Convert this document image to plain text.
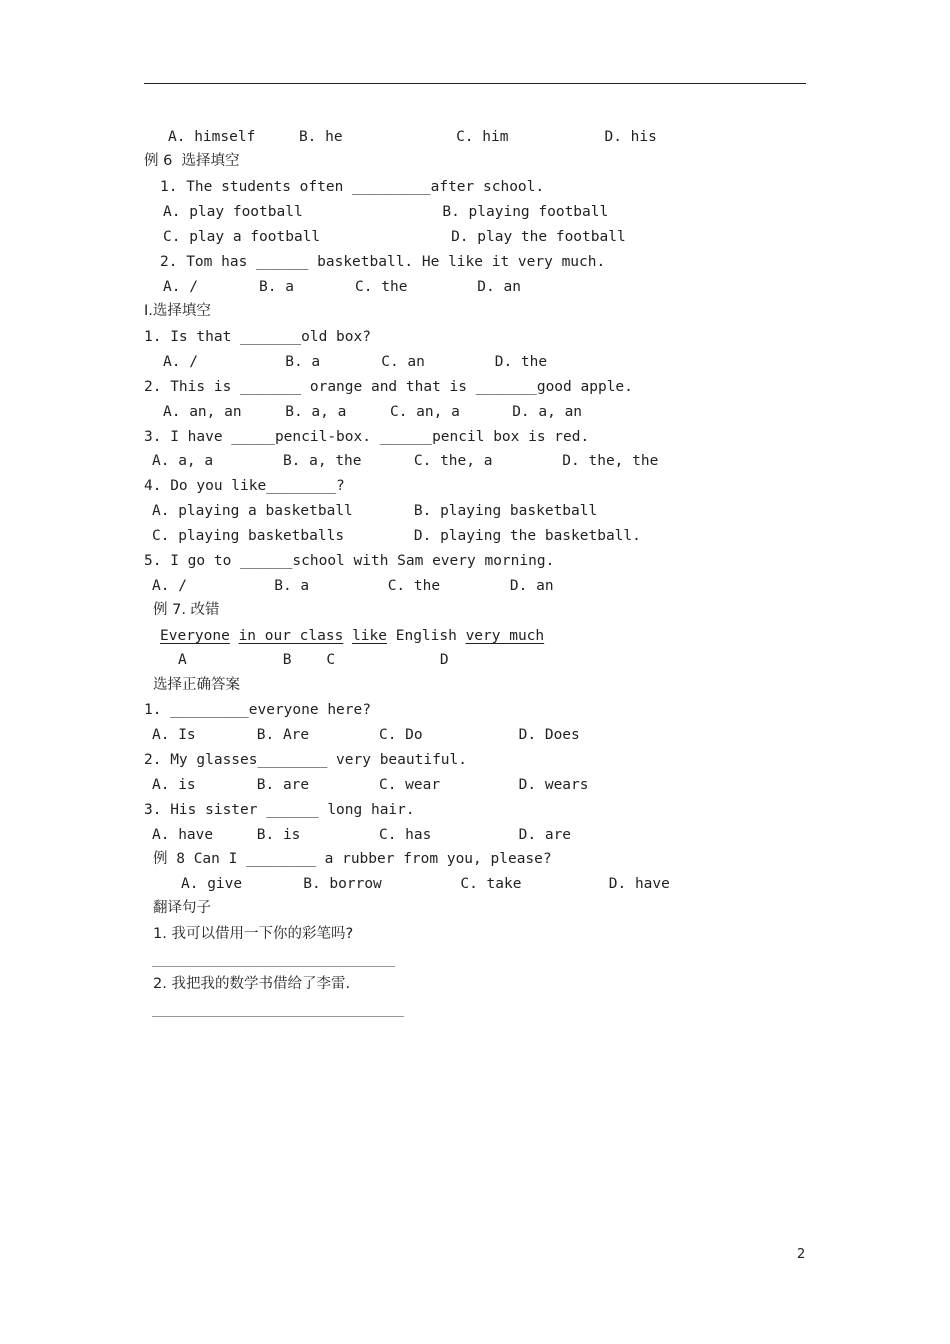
A. himself     B. he             C. him           D. his
例 6  选择填空
1. The students often _________after school.
A. play football                B. playing football
C. play a football               D. play the football
2. Tom has ______ basketball. He like it very much.
A. /       B. a       C. the        D. an
I.选择填空
1. Is that _______old box?
A. /          B. a       C. an        D. the
2. This is _______ orange and that is _______good apple.
A. an, an     B. a, a     C. an, a      D. a, an
3. I have _____pencil-box. ______pencil box is red.
A. a, a        B. a, the      C. the, a        D. the, the
4. Do you like________?
A. playing a basketball       B. playing basketball
C. playing basketballs        D. playing the basketball.
5. I go to ______school with Sam every morning.
A. /          B. a         C. the        D. an
例 7. 改错
A           B    C            D
选择正确答案
1. _________everyone here?
A. Is       B. Are        C. Do           D. Does
2. My glasses________ very beautiful.
A. is       B. are        C. wear         D. wears
3. His sister ______ long hair.
A. have     B. is         C. has          D. are
例 8 Can I ________ a rubber from you, please?
A. give       B. borrow         C. take          D. have
翻译句子
1. 我可以借用一下你的彩笔吗?
2. 我把我的数学书借给了李雷.
Everyone in our class like English very much
2
